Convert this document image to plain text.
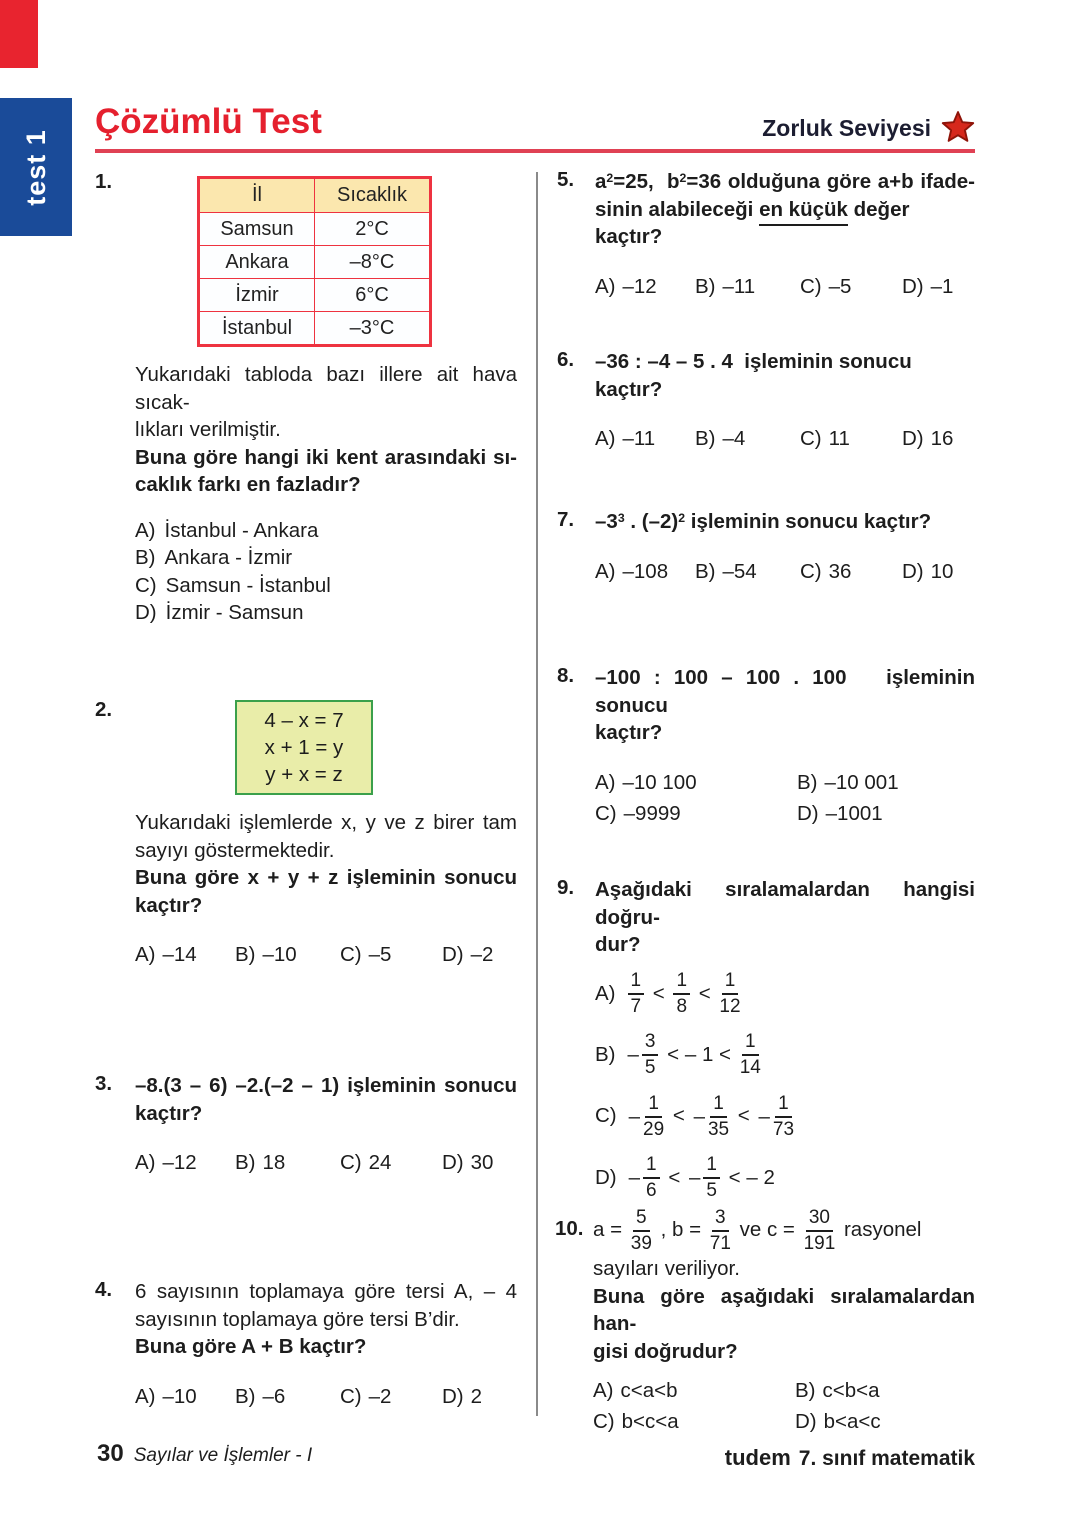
test 1
Çözümlü Test	Zorluk Seviyesi
1.
İl	Sıcaklık
Samsun	2°C
Ankara	–8°C
İzmir	6°C
İstanbul	–3°C
Yukarıdaki tabloda bazı illere ait hava sıcak-
lıkları verilmiştir.
Buna göre hangi iki kent arasındaki sı-
caklık farkı en fazladır?
A) İstanbul - Ankara
B) Ankara - İzmir
C) Samsun - İstanbul
D) İzmir - Samsun
2.	4 – x = 7
x + 1 = y
y + x = z
Yukarıdaki işlemlerde x, y ve z birer tam
sayıyı göstermektedir.
Buna göre x + y + z işleminin sonucu
kaçtır?
A) –14 B) –10 C) –5 D) –2
3.	–8.(3 – 6) –2.(–2 – 1) işleminin sonucu
kaçtır?
A) –12 B) 18	C) 24 D) 30
4.	6 sayısının toplamaya göre tersi A, – 4
sayısının toplamaya göre tersi B’dir.
Buna göre A + B kaçtır?
A) –10 B) –6	C) –2 D) 2
5.	$a^2=25$,  $b^2=36$ olduğuna göre a+b ifade-
sinin alabileceği en küçük değer kaçtır?
A) –12 B) –11 C) –5 D) –1
6.	–36 : –4 – 5 . 4  işleminin sonucu kaçtır?
A) –11 B) –4	C) 11	D) 16
7.	$-3^3$ . $(-2)^2$ işleminin sonucu kaçtır?
A) –108 B) –54 C) 36 D) 10
8.	–100 : 100 – 100 . 100   işleminin sonucu
kaçtır?
A) –10 100	B) –10 001
C) –9999	D) –1001
9.	Aşağıdaki sıralamalardan hangisi doğru-
dur?
A)
1
7
<
1
8
<
1
12
B) –
3
5
< – 1 <
1
14
C) –
1
29
< –
1
35
< –
1
73
D) –
1
6
< –
1
5
< – 2
10. a =
5
39
, b =
3
71
ve c =
30
191
rasyonel
sayıları veriliyor.
Buna göre aşağıdaki sıralamalardan han-
gisi doğrudur?
A) c<a<b	B) c<b<a
C) b<c<a	D) b<a<c
30 Sayılar ve İşlemler - I	tudem 7. sınıf matematik
